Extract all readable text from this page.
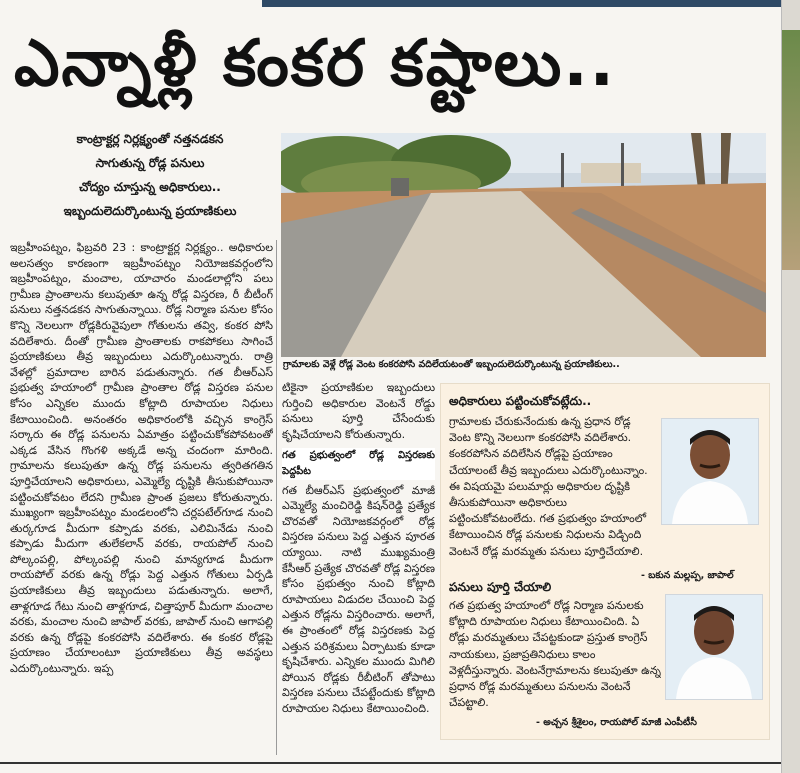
ఎన్నాళ్లీ కంకర కష్టాలు..

కాంట్రాక్టర్ల నిర్లక్ష్యంతో నత్తనడకన

సాగుతున్న రోడ్ల పనులు

చోద్యం చూస్తున్న అధికారులు..

ఇబ్బందులెదుర్కొంటున్న ప్రయాణికులు

ఇబ్రహీంపట్నం, ఫిబ్రవరి 23 : కాంట్రాక్టర్ల నిర్లక్ష్యం.. అధికారుల అలసత్వం కారణంగా ఇబ్రహీంపట్నం నియోజకవర్గంలోని ఇబ్రహీంపట్నం, మంచాల, యాచారం మండలాల్లోని పలు గ్రామీణ ప్రాంతాలను కలుపుతూ ఉన్న రోడ్ల విస్తరణ, రీ బీటీంగ్ పనులు నత్తనడకన సాగుతున్నాయి. రోడ్ల నిర్మాణ పనుల కోసం కొన్ని నెలలుగా రోడ్లకిరువైపులా గోతులను తవ్వి, కంకర పోసి వదిలేశారు. దీంతో గ్రామీణ ప్రాంతాలకు రాకపోకలు సాగించే ప్రయాణికులు తీవ్ర ఇబ్బందులు ఎదుర్కొంటున్నారు. రాత్రి వేళల్లో ప్రమాదాల బారిన పడుతున్నారు. గత బీఆర్ఎస్ ప్రభుత్వ హయాంలో గ్రామీణ ప్రాంతాల రోడ్ల విస్తరణ పనుల కోసం ఎన్నికల ముందు కోట్లాది రూపాయల నిధులు కేటాయించింది. అనంతరం అధికారంలోకి వచ్చిన కాంగ్రెస్ సర్కారు ఈ రోడ్ల పనులను ఏమాత్రం పట్టించుకోకపోవటంతో ఎక్కడ వేసిన గొంగళి అక్కడే అన్న చందంగా మారింది. గ్రామాలను కలుపుతూ ఉన్న రోడ్ల పనులను త్వరితగతిన పూర్తిచేయాలని అధికారులు, ఎమ్మెల్యే దృష్టికి తీసుకుపోయినా పట్టించుకోవటం లేదని గ్రామీణ ప్రాంత ప్రజలు కోరుతున్నారు. ముఖ్యంగా ఇబ్రహీంపట్నం మండలంలోని చర్లపటేల్‌గూడ నుంచి తుర్కగూడ మీదుగా కప్పాడు వరకు, ఎలిమినేడు నుంచి కప్పాడు మీదుగా తులేకలాన్ వరకు, రాయపోల్ నుంచి పోల్కంపల్లి, పోల్కంపల్లి నుంచి మాన్యగూడ మీదుగా రాయపోల్ వరకు ఉన్న రోడ్లు పెద్ద ఎత్తున గోతులు ఏర్పడి ప్రయాణికులు తీవ్ర ఇబ్బందులు పడుతున్నారు. అలాగే, తాళ్లగూడ గేటు నుంచి తాళ్లగూడ, చిత్తాపూర్ మీదుగా మంచాల వరకు, మంచాల నుంచి జాపాల్ వరకు, జాపాల్ నుంచి ఆగాపల్లి వరకు ఉన్న రోడ్లపై కంకరపోసి వదిలేశారు. ఈ కంకర రోడ్లపై ప్రయాణం చేయాలంటూ ప్రయాణికులు తీవ్ర అవస్థలు ఎదుర్కొంటున్నారు. ఇప్ప

గ్రామాలకు వెళ్లే రోడ్ల వెంట కంకరపోసి వదిలేయటంతో ఇబ్బందులెదుర్కొంటున్న ప్రయాణికులు..

టికైనా ప్రయాణికుల ఇబ్బందులు గుర్తించి అధికారుల వెంటనే రోడ్డు పనులు పూర్తి చేసేందుకు కృషిచేయాలని కోరుతున్నారు.

గత ప్రభుత్వంలో రోడ్ల విస్తరణకు పెద్దపీట

గత బీఆర్ఎస్ ప్రభుత్వంలో మాజీ ఎమ్మెల్యే మంచిరెడ్డి కిషన్‌రెడ్డి ప్రత్యేక చొరవతో నియోజకవర్గంలో రోడ్ల విస్తరణ పనులు పెద్ద ఎత్తున పూరత య్యాయి. నాటి ముఖ్యమంత్రి కేసీఆర్ ప్రత్యేక చొరవతో రోడ్ల విస్తరణ కోసం ప్రభుత్వం నుంచి కోట్లాది రూపాయలు విడుదల చేయించి పెద్ద ఎత్తున రోడ్లను విస్తరించారు. అలాగే, ఈ ప్రాంతంలో రోడ్ల విస్తరణకు పెద్ద ఎత్తున పరిశ్రమలు ఏర్పాటుకు కూడా కృషిచేశారు. ఎన్నికల ముందు మిగిలి పోయిన రోడ్లకు రీబీటింగ్ తోపాటు విస్తరణ పనులు చేపట్టేందుకు కోట్లాది రూపాయల నిధులు కేటాయించింది.

అధికారులు పట్టించుకోవట్లేదు..

గ్రామాలకు చేరుకునేందుకు ఉన్న ప్రధాన రోడ్ల వెంట కొన్ని నెలలుగా కంకరపోసి వదిలేశారు. కంకరపోసిన వదిలేసిన రోడ్లపై ప్రయాణం చేయాలంటే తీవ్ర ఇబ్బందులు ఎదుర్కొంటున్నాం. ఈ విషయమై పలుమార్లు అధికారుల దృష్టికి తీసుకుపోయినా అధికారులు పట్టించుకోవటంలేదు. గత ప్రభుత్వం హయాంలో కేటాయించిన రోడ్ల పనులకు నిధులను విడ్చింది వెంటనే రోడ్ల మరమ్మతు పనులు పూర్తిచేయాలి.

- బకున మల్లప్ప, జాపాల్
పనులు పూర్తి చేయాలి

గత ప్రభుత్వ హయాంలో రోడ్ల నిర్మాణ పనులకు కోట్లాది రూపాయల నిధులు కేటాయించింది. ఏ రోడ్లు మరమ్మతులు చేపట్టకుండా ప్రస్తుత కాంగ్రెస్ నాయకులు, ప్రజాప్రతినిధులు కాలం వెళ్లదీస్తున్నారు. వెంటనేగ్రామాలను కలుపుతూ ఉన్న ప్రధాన రోడ్ల మరమ్మతులు పనులను వెంటనే చేపట్టాలి.

- అచ్చన శ్రీశైలం, రాయపోల్ మాజీ ఎంపీటీసీ
